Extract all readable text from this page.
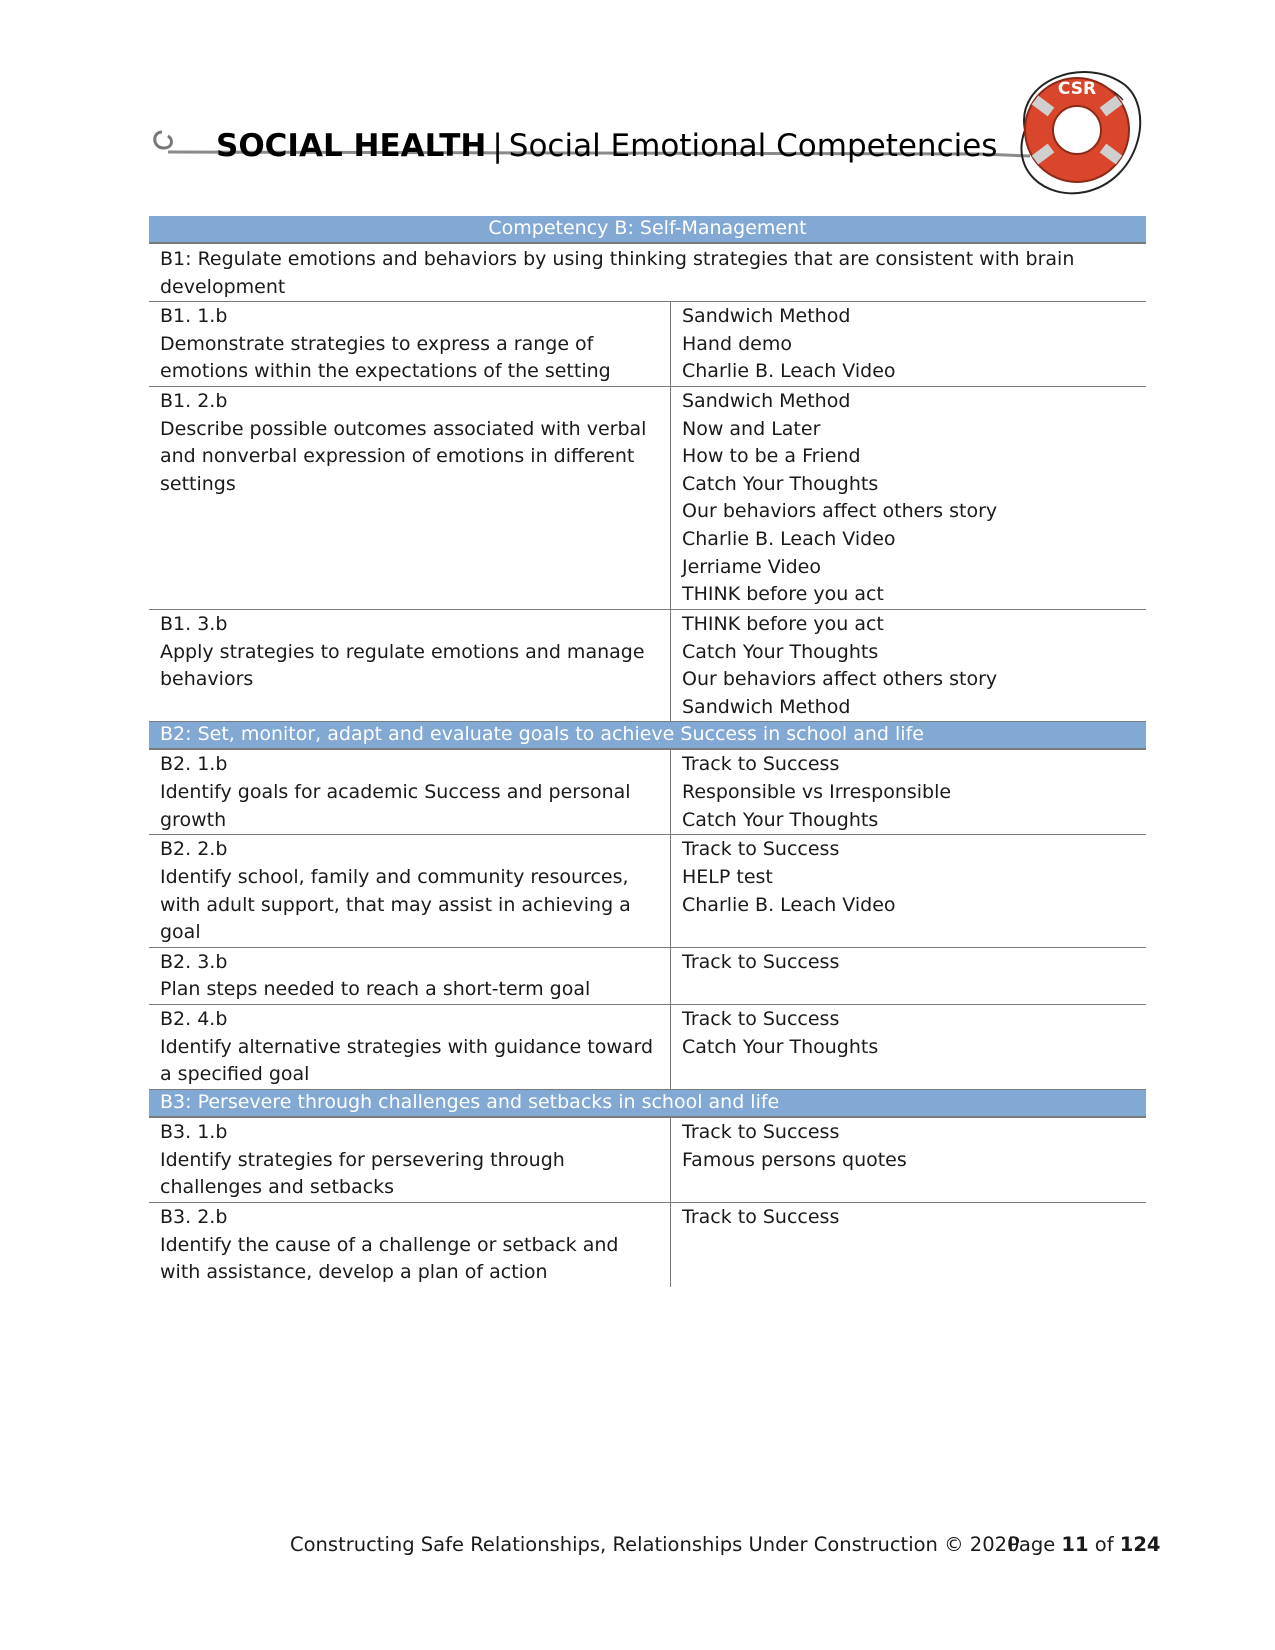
SOCIAL HEALTH | Social Emotional Competencies
CSR
Competency B: Self-Management
B1: Regulate emotions and behaviors by using thinking strategies that are consistent with brain development
B1. 1.b
Demonstrate strategies to express a range of emotions within the expectations of the setting
Sandwich Method
Hand demo
Charlie B. Leach Video
B1. 2.b
Describe possible outcomes associated with verbal and nonverbal expression of emotions in different settings
Sandwich Method
Now and Later
How to be a Friend
Catch Your Thoughts
Our behaviors affect others story
Charlie B. Leach Video
Jerriame Video
THINK before you act
B1. 3.b
Apply strategies to regulate emotions and manage behaviors
THINK before you act
Catch Your Thoughts
Our behaviors affect others story
Sandwich Method
B2: Set, monitor, adapt and evaluate goals to achieve Success in school and life
B2. 1.b
Identify goals for academic Success and personal growth
Track to Success
Responsible vs Irresponsible
Catch Your Thoughts
B2. 2.b
Identify school, family and community resources, with adult support, that may assist in achieving a goal
Track to Success
HELP test
Charlie B. Leach Video
B2. 3.b
Plan steps needed to reach a short-term goal
Track to Success
B2. 4.b
Identify alternative strategies with guidance toward a specified goal
Track to Success
Catch Your Thoughts
B3: Persevere through challenges and setbacks in school and life
B3. 1.b
Identify strategies for persevering through challenges and setbacks
Track to Success
Famous persons quotes
B3. 2.b
Identify the cause of a challenge or setback and with assistance, develop a plan of action
Track to Success
Constructing Safe Relationships, Relationships Under Construction © 2020
Page 11 of 124
